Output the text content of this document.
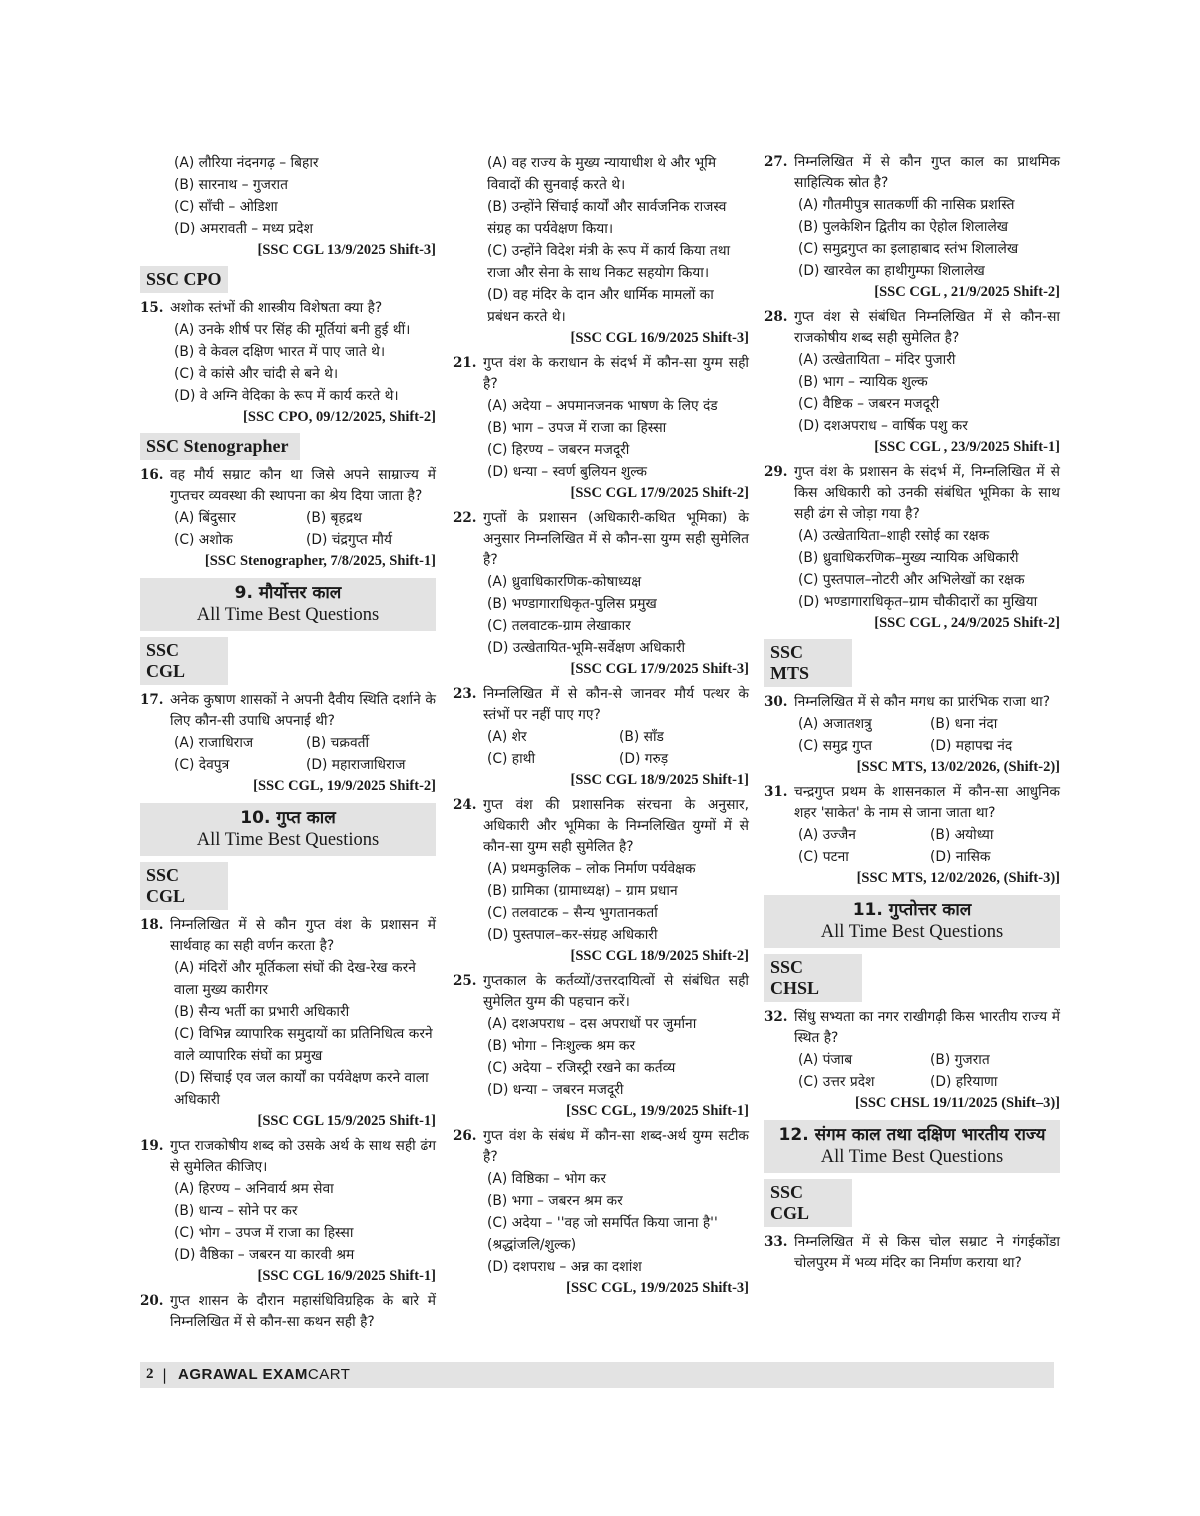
(A) लौरिया नंदनगढ़ – बिहार
(B) सारनाथ – गुजरात
(C) साँची – ओडिशा
(D) अमरावती – मध्य प्रदेश
[SSC CGL 13/9/2025 Shift-3]
SSC CPO
15. अशोक स्तंभों की शास्त्रीय विशेषता क्या है?
(A) उनके शीर्ष पर सिंह की मूर्तियां बनी हुई थीं।
(B) वे केवल दक्षिण भारत में पाए जाते थे।
(C) वे कांसे और चांदी से बने थे।
(D) वे अग्नि वेदिका के रूप में कार्य करते थे।
[SSC CPO, 09/12/2025, Shift-2]
SSC Stenographer
16. वह मौर्य सम्राट कौन था जिसे अपने साम्राज्य में गुप्तचर व्यवस्था की स्थापना का श्रेय दिया जाता है?
(A) बिंदुसार	(B) बृहद्रथ
(C) अशोक	(D) चंद्रगुप्त मौर्य
[SSC Stenographer, 7/8/2025, Shift-1]
9. मौर्योत्तर काल
All Time Best Questions
SSC CGL
17. अनेक कुषाण शासकों ने अपनी दैवीय स्थिति दर्शाने के लिए कौन-सी उपाधि अपनाई थी?
(A) राजाधिराज	(B) चक्रवर्ती
(C) देवपुत्र	(D) महाराजाधिराज
[SSC CGL, 19/9/2025 Shift-2]
10. गुप्त काल
All Time Best Questions
SSC CGL
18. निम्नलिखित में से कौन गुप्त वंश के प्रशासन में सार्थवाह का सही वर्णन करता है?
(A) मंदिरों और मूर्तिकला संघों की देख-रेख करने वाला मुख्य कारीगर
(B) सैन्य भर्ती का प्रभारी अधिकारी
(C) विभिन्न व्यापारिक समुदायों का प्रतिनिधित्व करने वाले व्यापारिक संघों का प्रमुख
(D) सिंचाई एव जल कार्यों का पर्यवेक्षण करने वाला अधिकारी
[SSC CGL 15/9/2025 Shift-1]
19. गुप्त राजकोषीय शब्द को उसके अर्थ के साथ सही ढंग से सुमेलित कीजिए।
(A) हिरण्य – अनिवार्य श्रम सेवा
(B) धान्य – सोने पर कर
(C) भोग – उपज में राजा का हिस्सा
(D) वैष्ठिका – जबरन या कारवी श्रम
[SSC CGL 16/9/2025 Shift-1]
20. गुप्त शासन के दौरान महासंधिविग्रहिक के बारे में निम्नलिखित में से कौन-सा कथन सही है?
(A) वह राज्य के मुख्य न्यायाधीश थे और भूमि विवादों की सुनवाई करते थे।
(B) उन्होंने सिंचाई कार्यों और सार्वजनिक राजस्व संग्रह का पर्यवेक्षण किया।
(C) उन्होंने विदेश मंत्री के रूप में कार्य किया तथा राजा और सेना के साथ निकट सहयोग किया।
(D) वह मंदिर के दान और धार्मिक मामलों का प्रबंधन करते थे।
[SSC CGL 16/9/2025 Shift-3]
21. गुप्त वंश के कराधान के संदर्भ में कौन-सा युग्म सही है?
(A) अदेया – अपमानजनक भाषण के लिए दंड
(B) भाग – उपज में राजा का हिस्सा
(C) हिरण्य – जबरन मजदूरी
(D) धन्या – स्वर्ण बुलियन शुल्क
[SSC CGL 17/9/2025 Shift-2]
22. गुप्तों के प्रशासन (अधिकारी-कथित भूमिका) के अनुसार निम्नलिखित में से कौन-सा युग्म सही सुमेलित है?
(A) ध्रुवाधिकारणिक-कोषाध्यक्ष
(B) भण्डागाराधिकृत-पुलिस प्रमुख
(C) तलवाटक-ग्राम लेखाकार
(D) उत्खेतायित-भूमि-सर्वेक्षण अधिकारी
[SSC CGL 17/9/2025 Shift-3]
23. निम्नलिखित में से कौन-से जानवर मौर्य पत्थर के स्तंभों पर नहीं पाए गए?
(A) शेर	(B) साँड
(C) हाथी	(D) गरुड़
[SSC CGL 18/9/2025 Shift-1]
24. गुप्त वंश की प्रशासनिक संरचना के अनुसार, अधिकारी और भूमिका के निम्नलिखित युग्मों में से कौन-सा युग्म सही सुमेलित है?
(A) प्रथमकुलिक – लोक निर्माण पर्यवेक्षक
(B) ग्रामिका (ग्रामाध्यक्ष) – ग्राम प्रधान
(C) तलवाटक – सैन्य भुगतानकर्ता
(D) पुस्तपाल–कर-संग्रह अधिकारी
[SSC CGL 18/9/2025 Shift-2]
25. गुप्तकाल के कर्तव्यों/उत्तरदायित्वों से संबंधित सही सुमेलित युग्म की पहचान करें।
(A) दशअपराध – दस अपराधों पर जुर्माना
(B) भोगा – निःशुल्क श्रम कर
(C) अदेया – रजिस्ट्री रखने का कर्तव्य
(D) धन्या – जबरन मजदूरी
[SSC CGL, 19/9/2025 Shift-1]
26. गुप्त वंश के संबंध में कौन-सा शब्द-अर्थ युग्म सटीक है?
(A) विष्ठिका – भोग कर
(B) भगा – जबरन श्रम कर
(C) अदेया – ''वह जो समर्पित किया जाना है'' (श्रद्धांजलि/शुल्क)
(D) दशपराध – अन्न का दशांश
[SSC CGL, 19/9/2025 Shift-3]
27. निम्नलिखित में से कौन गुप्त काल का प्राथमिक साहित्यिक स्रोत है?
(A) गौतमीपुत्र सातकर्णी की नासिक प्रशस्ति
(B) पुलकेशिन द्वितीय का ऐहोल शिलालेख
(C) समुद्रगुप्त का इलाहाबाद स्तंभ शिलालेख
(D) खारवेल का हाथीगुम्फा शिलालेख
[SSC CGL , 21/9/2025 Shift-2]
28. गुप्त वंश से संबंधित निम्नलिखित में से कौन-सा राजकोषीय शब्द सही सुमेलित है?
(A) उत्खेतायिता – मंदिर पुजारी
(B) भाग – न्यायिक शुल्क
(C) वैष्टिक – जबरन मजदूरी
(D) दशअपराध – वार्षिक पशु कर
[SSC CGL , 23/9/2025 Shift-1]
29. गुप्त वंश के प्रशासन के संदर्भ में, निम्नलिखित में से किस अधिकारी को उनकी संबंधित भूमिका के साथ सही ढंग से जोड़ा गया है?
(A) उत्खेतायिता–शाही रसोई का रक्षक
(B) ध्रुवाधिकरणिक–मुख्य न्यायिक अधिकारी
(C) पुस्तपाल–नोटरी और अभिलेखों का रक्षक
(D) भण्डागाराधिकृत–ग्राम चौकीदारों का मुखिया
[SSC CGL , 24/9/2025 Shift-2]
SSC MTS
30. निम्नलिखित में से कौन मगध का प्रारंभिक राजा था?
(A) अजातशत्रु	(B) धना नंदा
(C) समुद्र गुप्त	(D) महापद्म नंद
[SSC MTS, 13/02/2026, (Shift-2)]
31. चन्द्रगुप्त प्रथम के शासनकाल में कौन-सा आधुनिक शहर 'साकेत' के नाम से जाना जाता था?
(A) उज्जैन	(B) अयोध्या
(C) पटना	(D) नासिक
[SSC MTS, 12/02/2026, (Shift-3)]
11. गुप्तोत्तर काल
All Time Best Questions
SSC CHSL
32. सिंधु सभ्यता का नगर राखीगढ़ी किस भारतीय राज्य में स्थित है?
(A) पंजाब	(B) गुजरात
(C) उत्तर प्रदेश	(D) हरियाणा
[SSC CHSL 19/11/2025 (Shift–3)]
12. संगम काल तथा दक्षिण भारतीय राज्य
All Time Best Questions
SSC CGL
33. निम्नलिखित में से किस चोल सम्राट ने गंगईकोंडा चोलपुरम में भव्य मंदिर का निर्माण कराया था?
2 | AGRAWAL EXAMCART
